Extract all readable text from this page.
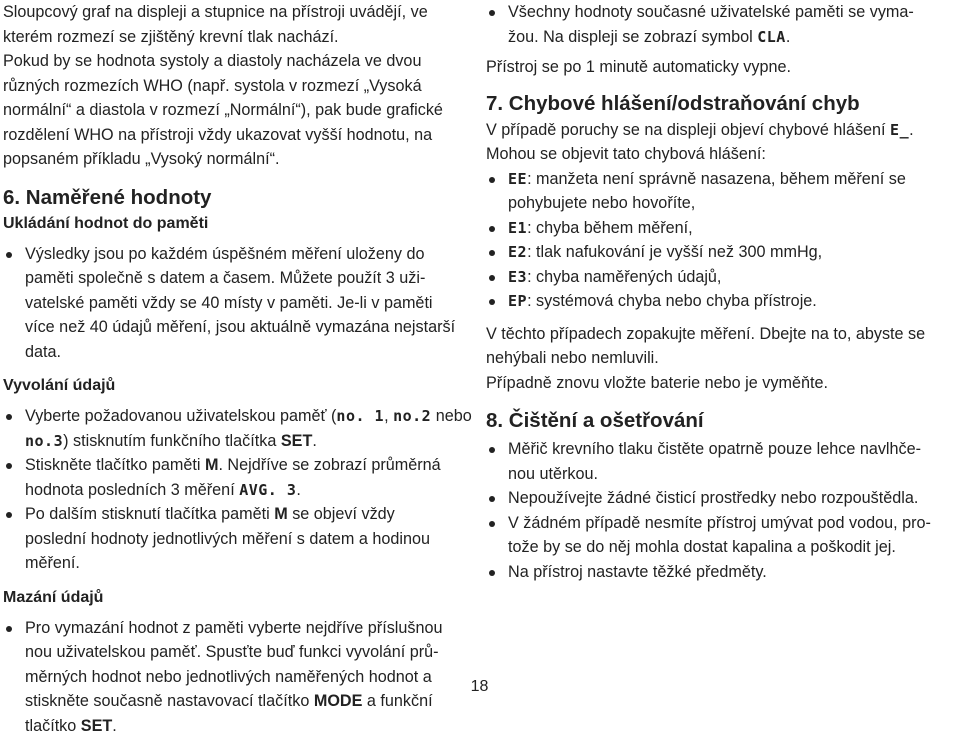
Sloupcový graf na displeji a stupnice na přístroji uvádějí, ve
kterém rozmezí se zjištěný krevní tlak nachází.
Pokud by se hodnota systoly a diastoly nacházela ve dvou
různých rozmezích WHO (např. systola v rozmezí „Vysoká
normální“ a diastola v rozmezí „Normální“), pak bude grafické
rozdělení WHO na přístroji vždy ukazovat vyšší hodnotu, na
popsaném příkladu „Vysoký normální“.

6. Naměřené hodnoty
Ukládání hodnot do paměti
Výsledky jsou po každém úspěšném měření uloženy do
paměti společně s datem a časem. Můžete použít 3 uži-
vatelské paměti vždy se 40 místy v paměti. Je-li v paměti
více než 40 údajů měření, jsou aktuálně vymazána nejstarší
data.
Vyvolání údajů
Vyberte požadovanou uživatelskou paměť (no. 1, no.2 nebo
no.3) stisknutím funkčního tlačítka SET.
Stiskněte tlačítko paměti M. Nejdříve se zobrazí průměrná
hodnota posledních 3 měření AVG. 3.
Po dalším stisknutí tlačítka paměti M se objeví vždy
poslední hodnoty jednotlivých měření s datem a hodinou
měření.
Mazání údajů
Pro vymazání hodnot z paměti vyberte nejdříve příslušnou
nou uživatelskou paměť. Spusťte buď funkci vyvolání prů-
měrných hodnot nebo jednotlivých naměřených hodnot a
stiskněte současně nastavovací tlačítko MODE a funkční
tlačítko SET.
Všechny hodnoty současné uživatelské paměti se vyma-
žou. Na displeji se zobrazí symbol CLA.

Přístroj se po 1 minutě automaticky vypne.

7. Chybové hlášení/odstraňování chyb

V případě poruchy se na displeji objeví chybové hlášení E_.
Mohou se objevit tato chybová hlášení:

EE: manžeta není správně nasazena, během měření se
pohybujete nebo hovoříte,
E1: chyba během měření,
E2: tlak nafukování je vyšší než 300 mmHg,
E3: chyba naměřených údajů,
EP: systémová chyba nebo chyba přístroje.

V těchto případech zopakujte měření. Dbejte na to, abyste se
nehýbali nebo nemluvili.
Případně znovu vložte baterie nebo je vyměňte.

8. Čištění a ošetřování
Měřič krevního tlaku čistěte opatrně pouze lehce navlhče-
nou utěrkou.
Nepoužívejte žádné čisticí prostředky nebo rozpouštědla.
V žádném případě nesmíte přístroj umývat pod vodou, pro-
tože by se do něj mohla dostat kapalina a poškodit jej.
Na přístroj nastavte těžké předměty.
18
